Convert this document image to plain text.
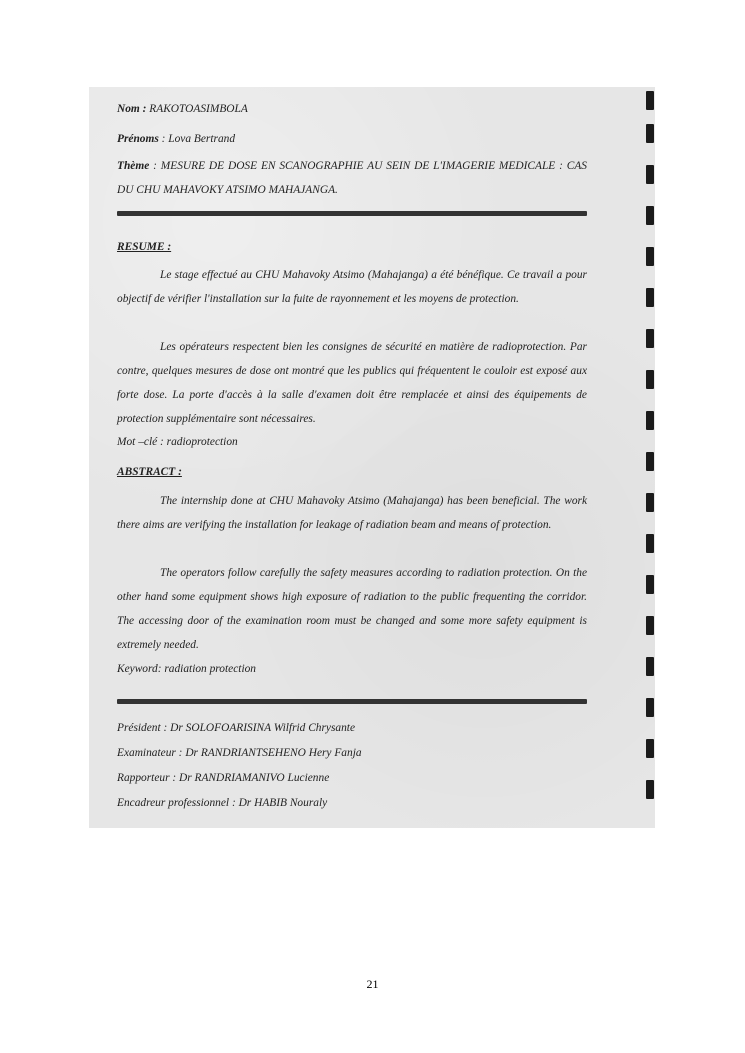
Nom : RAKOTOASIMBOLA

Prénoms : Lova Bertrand

Thème : MESURE DE DOSE EN SCANOGRAPHIE AU SEIN DE L'IMAGERIE MEDICALE : CAS DU CHU MAHAVOKY ATSIMO MAHAJANGA.

RESUME :

Le stage effectué au CHU Mahavoky Atsimo (Mahajanga) a été bénéfique. Ce travail a pour objectif de vérifier l'installation sur la fuite de rayonnement et les moyens de protection.

Les opérateurs respectent bien les consignes de sécurité en matière de radioprotection. Par contre, quelques mesures de dose ont montré que les publics qui fréquentent le couloir est exposé aux forte dose. La porte d'accès à la salle d'examen doit être remplacée et ainsi des équipements de protection supplémentaire sont nécessaires.

Mot –clé : radioprotection

ABSTRACT :

The internship done at CHU Mahavoky Atsimo (Mahajanga) has been beneficial. The work there aims are verifying the installation for leakage of radiation beam and means of protection.

The operators follow carefully the safety measures according to radiation protection. On the other hand some equipment shows high exposure of radiation to the public frequenting the corridor. The accessing door of the examination room must be changed and some more safety equipment is extremely needed.

Keyword: radiation protection

Président : Dr SOLOFOARISINA Wilfrid Chrysante

Examinateur : Dr RANDRIANTSEHENO Hery Fanja

Rapporteur : Dr RANDRIAMANIVO Lucienne

Encadreur professionnel : Dr HABIB Nouraly

21
